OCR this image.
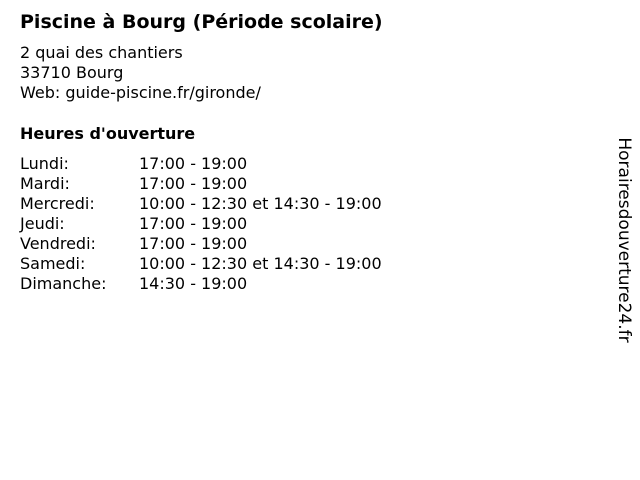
Piscine à Bourg (Période scolaire)
2 quai des chantiers
33710 Bourg
Web: guide-piscine.fr/gironde/
Heures d'ouverture
Lundi:	17:00 - 19:00
Mardi:	17:00 - 19:00
Mercredi:	10:00 - 12:30 et 14:30 - 19:00
Jeudi:	17:00 - 19:00
Vendredi:	17:00 - 19:00
Samedi:	10:00 - 12:30 et 14:30 - 19:00
Dimanche:	14:30 - 19:00	Horairesdouverture24.fr
